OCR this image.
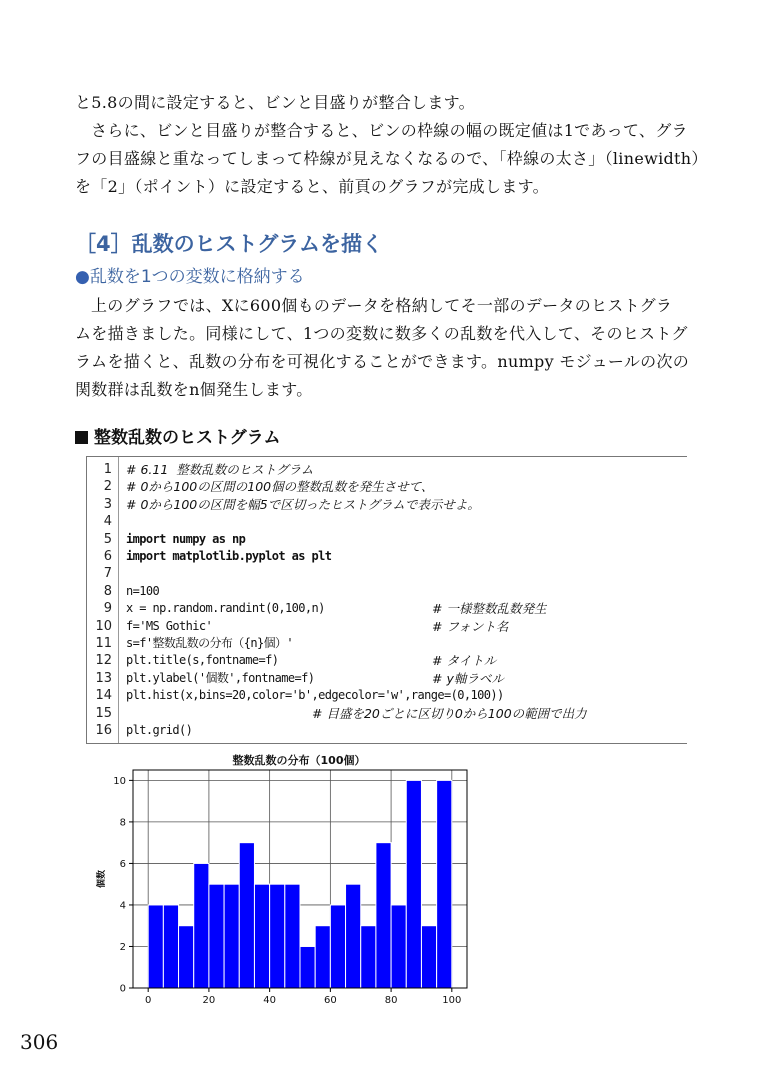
と5.8の間に設定すると、ビンと目盛りが整合します。

さらに、ビンと目盛りが整合すると、ビンの枠線の幅の既定値は1であって、グラ

フの目盛線と重なってしまって枠線が見えなくなるので、「枠線の太さ」（linewidth）

を「2」（ポイント）に設定すると、前頁のグラフが完成します。

［4］乱数のヒストグラムを描く
●乱数を1つの変数に格納する

上のグラフでは、Xに600個ものデータを格納してそ一部のデータのヒストグラ

ムを描きました。同様にして、1つの変数に数多くの乱数を代入して、そのヒストグ

ラムを描くと、乱数の分布を可視化することができます。numpy モジュールの次の

関数群は乱数をn個発生します。

整数乱数のヒストグラム
1 # 6.11  整数乱数のヒストグラム
2 # 0から100の区間の100個の整数乱数を発生させて、
3 # 0から100の区間を幅5で区切ったヒストグラムで表示せよ。
4
5 import numpy as np
6 import matplotlib.pyplot as plt
7
8 n=100
9 x = np.random.randint(0,100,n)	# 一様整数乱数発生
10 f='MS Gothic'	# フォント名
11 s=f'整数乱数の分布（{n}個）'
12 plt.title(s,fontname=f)	# タイトル
13 plt.ylabel('個数',fontname=f)	# y軸ラベル
14 plt.hist(x,bins=20,color='b',edgecolor='w',range=(0,100))
15	# 目盛を20ごとに区切り0から100の範囲で出力
16 plt.grid()
整数乱数の分布（100個）
個数
0	20	40	60	80	100
0
2
4
6
8
10
306
